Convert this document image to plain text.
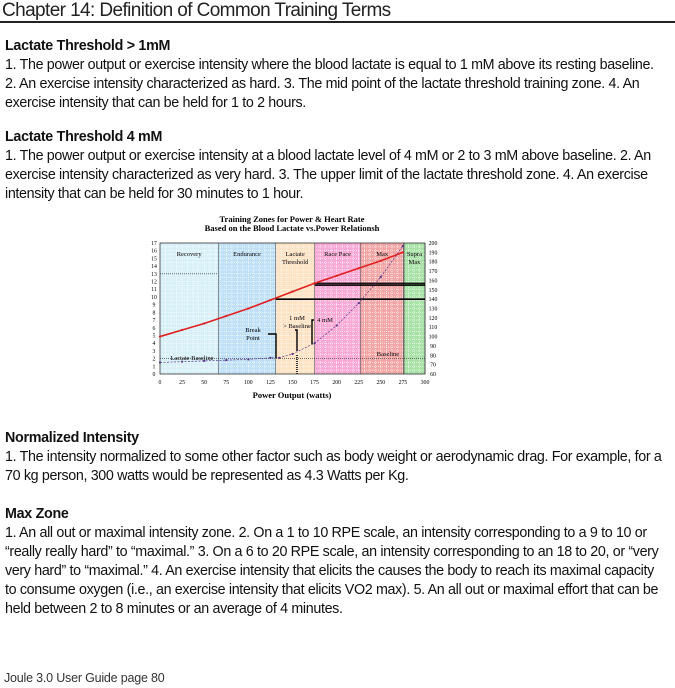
Chapter 14: Definition of Common Training Terms
Lactate Threshold > 1mM

1. The power output or exercise intensity where the blood lactate is equal to 1 mM above its resting baseline. 2. An exercise intensity characterized as hard. 3. The mid point of the lactate threshold training zone. 4. An exercise intensity that can be held for 1 to 2 hours.

Lactate Threshold 4 mM

1. The power output or exercise intensity at a blood lactate level of 4 mM or 2 to 3 mM above baseline. 2. An exercise intensity characterized as very hard. 3. The upper limit of the lactate threshold zone. 4. An exercise intensity that can be held for 30 minutes to 1 hour.

Normalized Intensity

1. The intensity normalized to some other factor such as body weight or aerodynamic drag. For example, for a 70 kg person, 300 watts would be represented as 4.3 Watts per Kg.

Max Zone

1. An all out or maximal intensity zone. 2. On a 1 to 10 RPE scale, an intensity corresponding to a 9 to 10 or “really really hard” to “maximal.” 3. On a 6 to 20 RPE scale, an intensity corresponding to an 18 to 20, or “very very hard” to “maximal.” 4. An exercise intensity that elicits the causes the body to reach its maximal capacity to consume oxygen (i.e., an exercise intensity that elicits VO2 max). 5. An all out or maximal effort that can be held between 2 to 8 minutes or an average of 4 minutes.

Training Zones for Power & Heart Rate
Based on the Blood Lactate vs.Power Relationsh
Recovery	Endurance	Lactate
Threshold
Race Pace	Max	Supra
Max
Break
Point
1 mM
> Baseline
4 mM
Lactate Baseline
Baseline
0	25	50	75	100 125 150 175 200 225 250 275 300
0
1
2
3
4
5
6
7
8
9
10
11
12
13
14
15
16
17
60
70
80
90
100
110
120
130
140
150
160
170
180
190
200
Power Output (watts)
Joule 3.0 User Guide page 80
